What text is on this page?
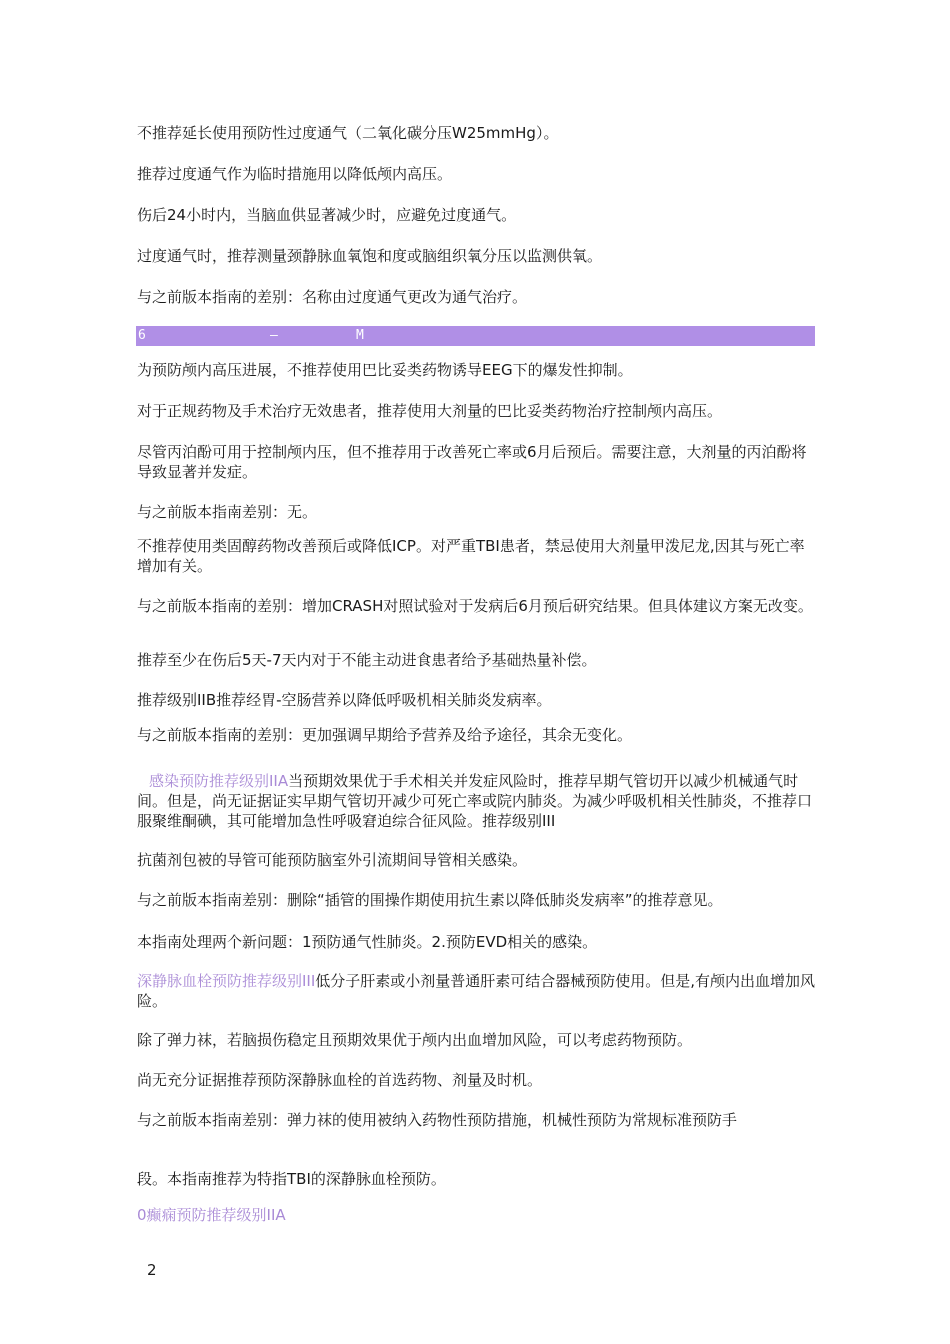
不推荐延长使用预防性过度通气（二氧化碳分压W25mmHg）。

推荐过度通气作为临时措施用以降低颅内高压。

伤后24小时内，当脑血供显著减少时，应避免过度通气。

过度通气时，推荐测量颈静脉血氧饱和度或脑组织氧分压以监测供氧。

与之前版本指南的差别：名称由过度通气更改为通气治疗。

6	—	M

为预防颅内高压进展，不推荐使用巴比妥类药物诱导EEG下的爆发性抑制。

对于正规药物及手术治疗无效患者，推荐使用大剂量的巴比妥类药物治疗控制颅内高压。

尽管丙泊酚可用于控制颅内压，但不推荐用于改善死亡率或6月后预后。需要注意，大剂量的丙泊酚将导致显著并发症。

与之前版本指南差别：无。

不推荐使用类固醇药物改善预后或降低ICP。对严重TBI患者，禁忌使用大剂量甲泼尼龙,因其与死亡率增加有关。

与之前版本指南的差别：增加CRASH对照试验对于发病后6月预后研究结果。但具体建议方案无改变。

推荐至少在伤后5天-7天内对于不能主动进食患者给予基础热量补偿。

推荐级别IIB推荐经胃-空肠营养以降低呼吸机相关肺炎发病率。

与之前版本指南的差别：更加强调早期给予营养及给予途径，其余无变化。

感染预防推荐级别IIA当预期效果优于手术相关并发症风险时，推荐早期气管切开以减少机械通气时间。但是，尚无证据证实早期气管切开减少可死亡率或院内肺炎。为减少呼吸机相关性肺炎，不推荐口服聚维酮碘，其可能增加急性呼吸窘迫综合征风险。推荐级别III

抗菌剂包被的导管可能预防脑室外引流期间导管相关感染。

与之前版本指南差别：删除“插管的围操作期使用抗生素以降低肺炎发病率”的推荐意见。

本指南处理两个新问题：1预防通气性肺炎。2.预防EVD相关的感染。

深静脉血栓预防推荐级别III低分子肝素或小剂量普通肝素可结合器械预防使用。但是,有颅内出血增加风险。

除了弹力袜，若脑损伤稳定且预期效果优于颅内出血增加风险，可以考虑药物预防。

尚无充分证据推荐预防深静脉血栓的首选药物、剂量及时机。

与之前版本指南差别：弹力袜的使用被纳入药物性预防措施，机械性预防为常规标准预防手

段。本指南推荐为特指TBI的深静脉血栓预防。

0癫痫预防推荐级别IIA

2
